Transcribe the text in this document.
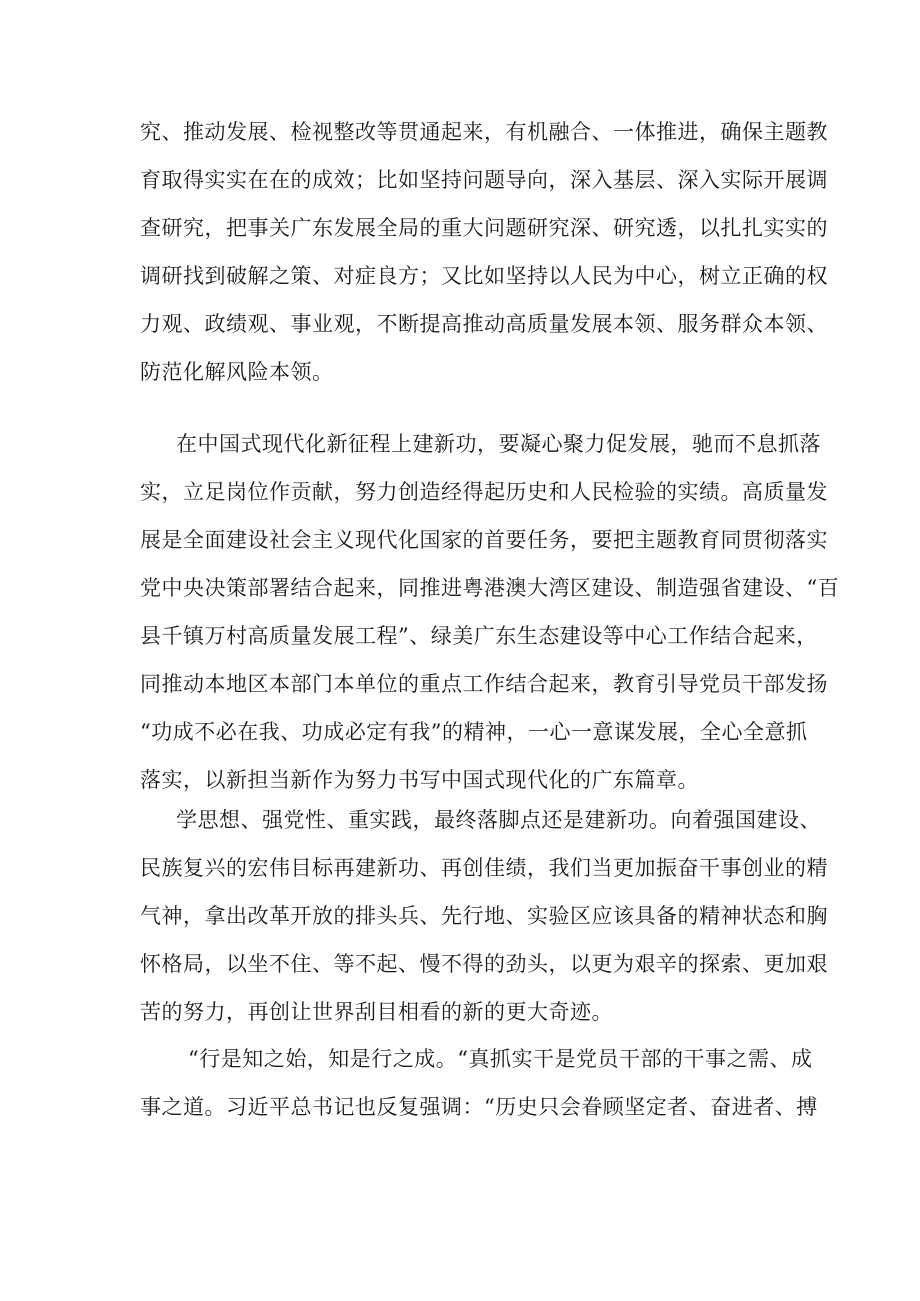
究、推动发展、检视整改等贯通起来，有机融合、一体推进，确保主题教
育取得实实在在的成效；比如坚持问题导向，深入基层、深入实际开展调
查研究，把事关广东发展全局的重大问题研究深、研究透，以扎扎实实的
调研找到破解之策、对症良方；又比如坚持以人民为中心，树立正确的权
力观、政绩观、事业观，不断提高推动高质量发展本领、服务群众本领、
防范化解风险本领。
在中国式现代化新征程上建新功，要凝心聚力促发展，驰而不息抓落
实，立足岗位作贡献，努力创造经得起历史和人民检验的实绩。高质量发
展是全面建设社会主义现代化国家的首要任务，要把主题教育同贯彻落实
党中央决策部署结合起来，同推进粤港澳大湾区建设、制造强省建设、“百
县千镇万村高质量发展工程”、绿美广东生态建设等中心工作结合起来，
同推动本地区本部门本单位的重点工作结合起来，教育引导党员干部发扬
“功成不必在我、功成必定有我”的精神，一心一意谋发展，全心全意抓
落实，以新担当新作为努力书写中国式现代化的广东篇章。
学思想、强党性、重实践，最终落脚点还是建新功。向着强国建设、
民族复兴的宏伟目标再建新功、再创佳绩，我们当更加振奋干事创业的精
气神，拿出改革开放的排头兵、先行地、实验区应该具备的精神状态和胸
怀格局，以坐不住、等不起、慢不得的劲头，以更为艰辛的探索、更加艰
苦的努力，再创让世界刮目相看的新的更大奇迹。
“行是知之始，知是行之成。“真抓实干是党员干部的干事之需、成
事之道。习近平总书记也反复强调：“历史只会眷顾坚定者、奋进者、搏
